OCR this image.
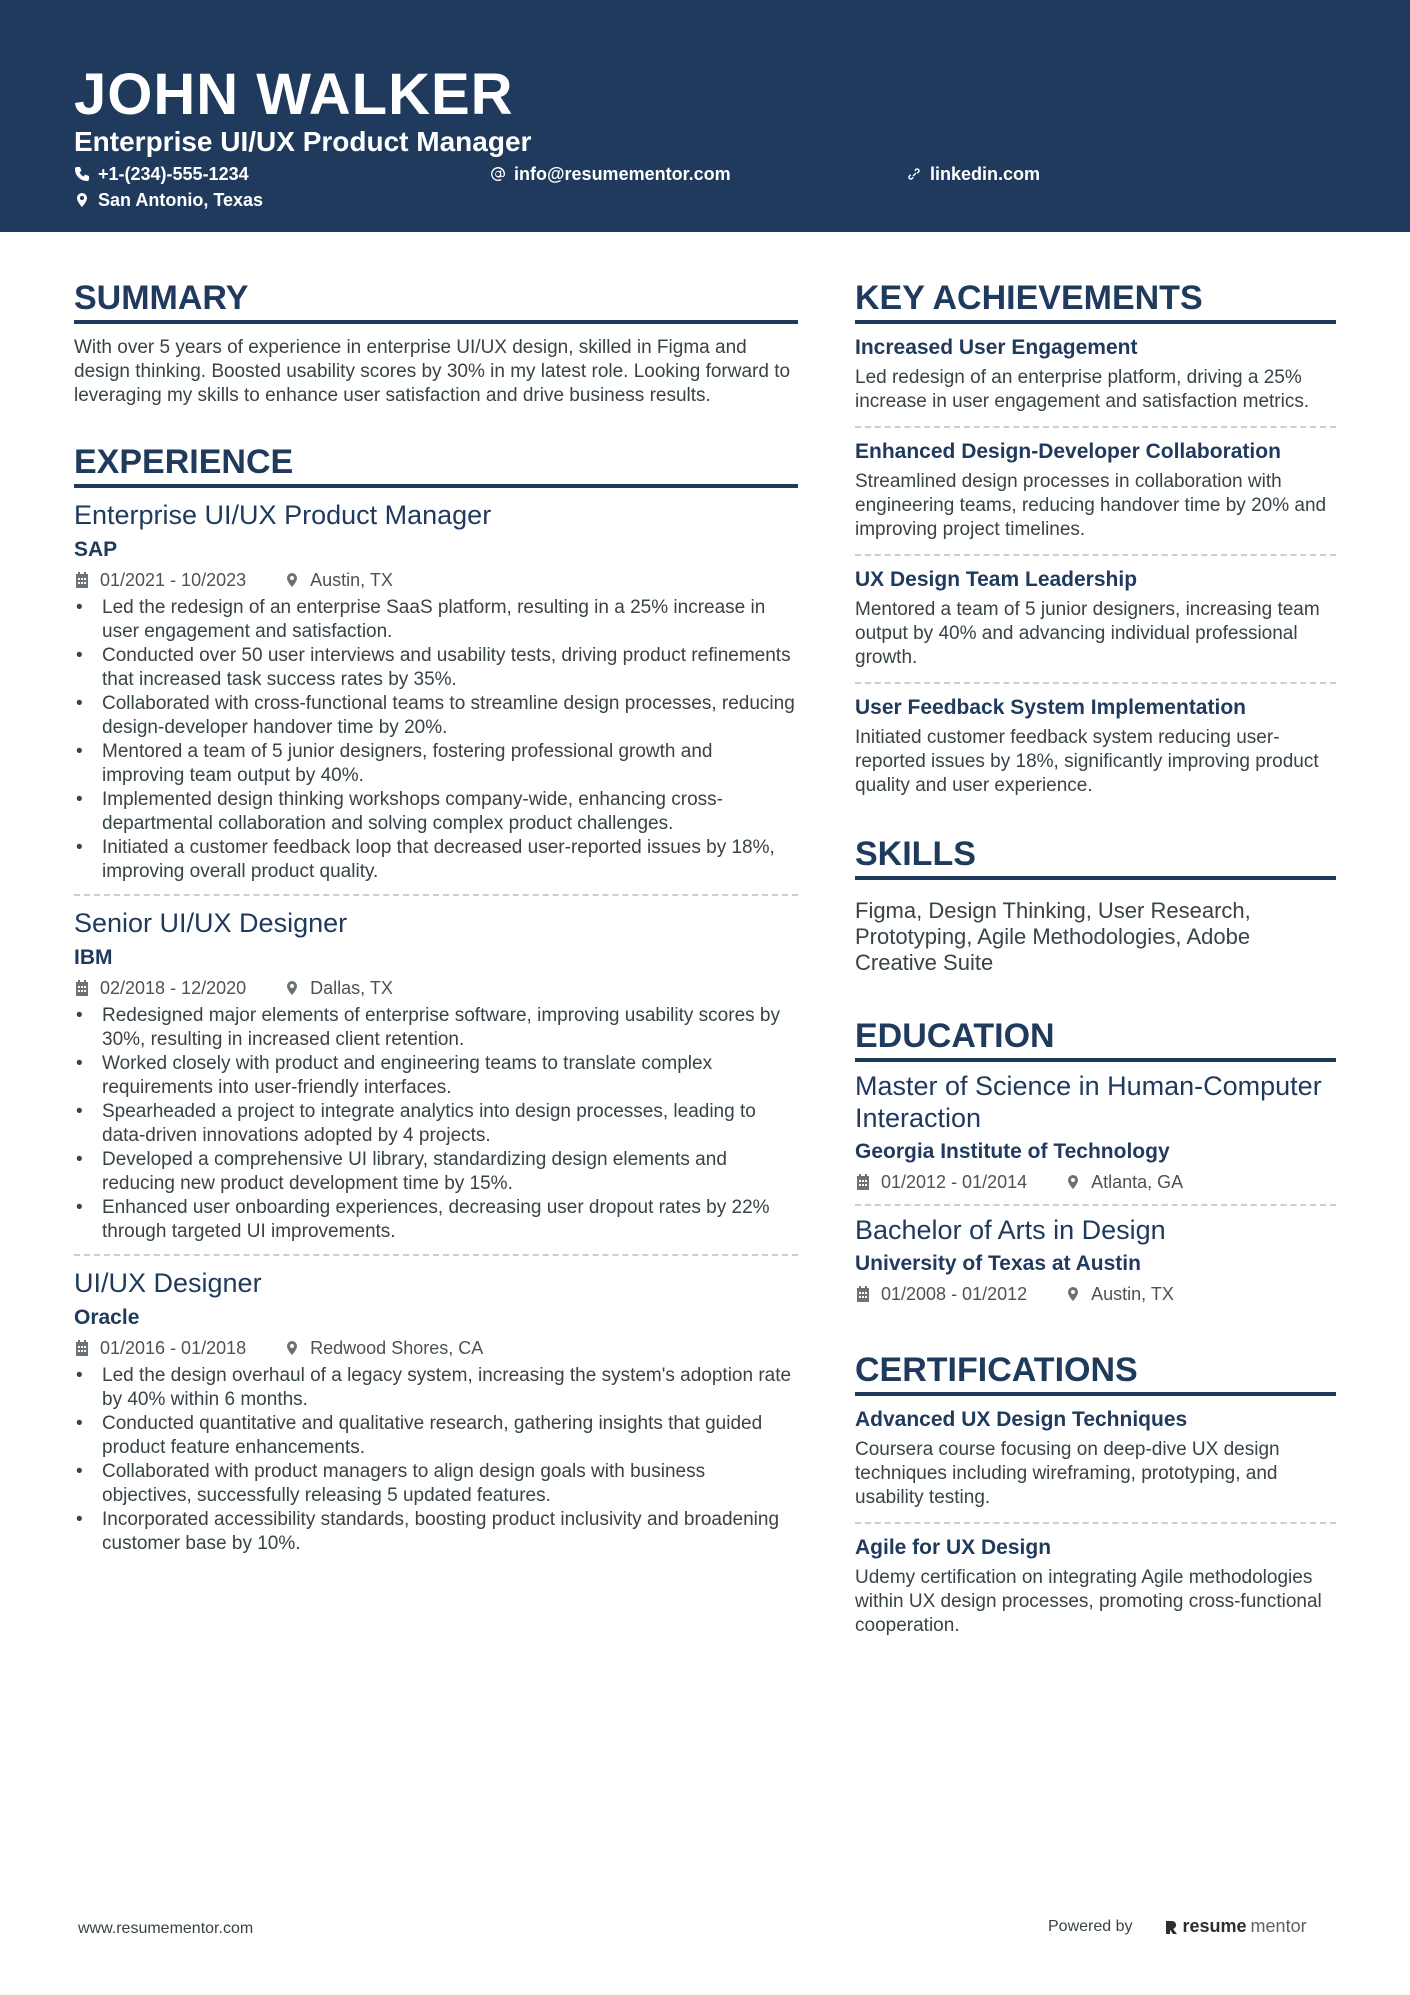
JOHN WALKER
Enterprise UI/UX Product Manager
+1-(234)-555-1234	info@resumementor.com	linkedin.com
San Antonio, Texas
SUMMARY

With over 5 years of experience in enterprise UI/UX design, skilled in Figma and design thinking. Boosted usability scores by 30% in my latest role. Looking forward to leveraging my skills to enhance user satisfaction and drive business results.

EXPERIENCE
Enterprise UI/UX Product Manager
SAP
01/2021 - 10/2023	Austin, TX
• Led the redesign of an enterprise SaaS platform, resulting in a 25% increase in user engagement and satisfaction.
• Conducted over 50 user interviews and usability tests, driving product refinements that increased task success rates by 35%.
• Collaborated with cross-functional teams to streamline design processes, reducing design-developer handover time by 20%.
• Mentored a team of 5 junior designers, fostering professional growth and improving team output by 40%.
• Implemented design thinking workshops company-wide, enhancing cross-departmental collaboration and solving complex product challenges.
• Initiated a customer feedback loop that decreased user-reported issues by 18%, improving overall product quality.
Senior UI/UX Designer
IBM
02/2018 - 12/2020	Dallas, TX
• Redesigned major elements of enterprise software, improving usability scores by 30%, resulting in increased client retention.
• Worked closely with product and engineering teams to translate complex requirements into user-friendly interfaces.
• Spearheaded a project to integrate analytics into design processes, leading to data-driven innovations adopted by 4 projects.
• Developed a comprehensive UI library, standardizing design elements and reducing new product development time by 15%.
• Enhanced user onboarding experiences, decreasing user dropout rates by 22% through targeted UI improvements.
UI/UX Designer
Oracle
01/2016 - 01/2018	Redwood Shores, CA
• Led the design overhaul of a legacy system, increasing the system's adoption rate by 40% within 6 months.
• Conducted quantitative and qualitative research, gathering insights that guided product feature enhancements.
• Collaborated with product managers to align design goals with business objectives, successfully releasing 5 updated features.
• Incorporated accessibility standards, boosting product inclusivity and broadening customer base by 10%.
KEY ACHIEVEMENTS
Increased User Engagement

Led redesign of an enterprise platform, driving a 25% increase in user engagement and satisfaction metrics.

Enhanced Design-Developer Collaboration

Streamlined design processes in collaboration with engineering teams, reducing handover time by 20% and improving project timelines.

UX Design Team Leadership

Mentored a team of 5 junior designers, increasing team output by 40% and advancing individual professional growth.

User Feedback System Implementation

Initiated customer feedback system reducing user-reported issues by 18%, significantly improving product quality and user experience.

SKILLS

Figma, Design Thinking, User Research, Prototyping, Agile Methodologies, Adobe Creative Suite

EDUCATION
Master of Science in Human-Computer Interaction
Georgia Institute of Technology
01/2012 - 01/2014	Atlanta, GA
Bachelor of Arts in Design
University of Texas at Austin
01/2008 - 01/2012	Austin, TX
CERTIFICATIONS
Advanced UX Design Techniques

Coursera course focusing on deep-dive UX design techniques including wireframing, prototyping, and usability testing.

Agile for UX Design

Udemy certification on integrating Agile methodologies within UX design processes, promoting cross-functional cooperation.

www.resumementor.com	Powered by	resume mentor
